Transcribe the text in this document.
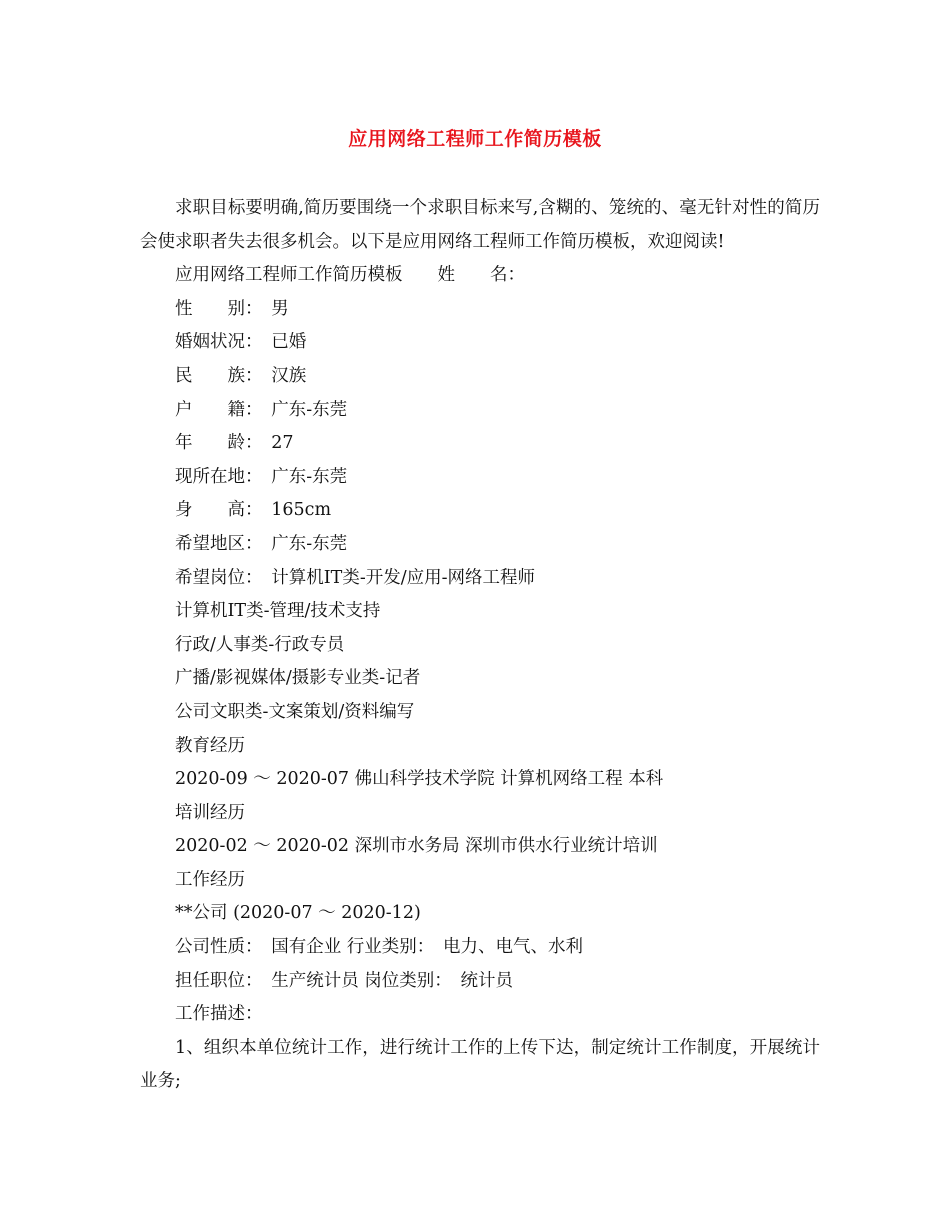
应用网络工程师工作简历模板

求职目标要明确,简历要围绕一个求职目标来写,含糊的、笼统的、毫无针对性的简历会使求职者失去很多机会。以下是应用网络工程师工作简历模板，欢迎阅读!

应用网络工程师工作简历模板　　姓　　名：

性　　别：　男

婚姻状况：　已婚

民　　族：　汉族

户　　籍：　广东-东莞

年　　龄：　27

现所在地：　广东-东莞

身　　高：　165cm

希望地区：　广东-东莞

希望岗位：　计算机IT类-开发/应用-网络工程师

计算机IT类-管理/技术支持

行政/人事类-行政专员

广播/影视媒体/摄影专业类-记者

公司文职类-文案策划/资料编写

教育经历

2020-09 ～ 2020-07 佛山科学技术学院 计算机网络工程 本科

培训经历

2020-02 ～ 2020-02 深圳市水务局 深圳市供水行业统计培训

工作经历

**公司 (2020-07 ～ 2020-12)

公司性质：　国有企业 行业类别：　电力、电气、水利

担任职位：　生产统计员 岗位类别：　统计员

工作描述：

1、组织本单位统计工作，进行统计工作的上传下达，制定统计工作制度，开展统计业务;
